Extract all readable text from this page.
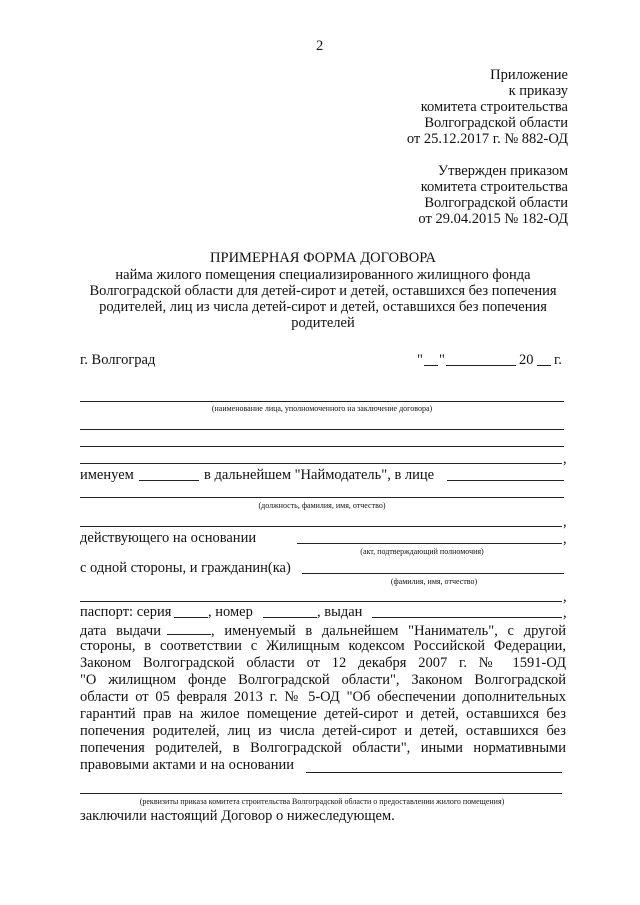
2
Приложение
к приказу
комитета строительства
Волгоградской области
от 25.12.2017 г. № 882-ОД
Утвержден приказом
комитета строительства
Волгоградской области
от 29.04.2015 № 182-ОД
ПРИМЕРНАЯ ФОРМА ДОГОВОРА
найма жилого помещения специализированного жилищного фонда
Волгоградской области для детей-сирот и детей, оставшихся без попечения
родителей, лиц из числа детей-сирот и детей, оставшихся без попечения
родителей
г. Волгоград	" "	20 г.
(наименование лица, уполномоченного на заключение договора)
,
именуем	в дальнейшем "Наймодатель", в лице
(должность, фамилия, имя, отчество)
,
действующего на основании	,
(акт, подтверждающий полномочия)
с одной стороны, и гражданин(ка)
(фамилия, имя, отчество)
,
паспорт: серия	, номер	, выдан	,
дата выдачи	, именуемый в дальнейшем "Наниматель", с другой
стороны, в соответствии с Жилищным кодексом Российской Федерации,
Законом Волгоградской области от 12 декабря 2007 г. № 1591-ОД
"О жилищном фонде Волгоградской области", Законом Волгоградской
области от 05 февраля 2013 г. № 5-ОД "Об обеспечении дополнительных
гарантий прав на жилое помещение детей-сирот и детей, оставшихся без
попечения родителей, лиц из числа детей-сирот и детей, оставшихся без
попечения родителей, в Волгоградской области", иными нормативными
правовыми актами и на основании
(реквизиты приказа комитета строительства Волгоградской области о предоставлении жилого помещения)
заключили настоящий Договор о нижеследующем.
